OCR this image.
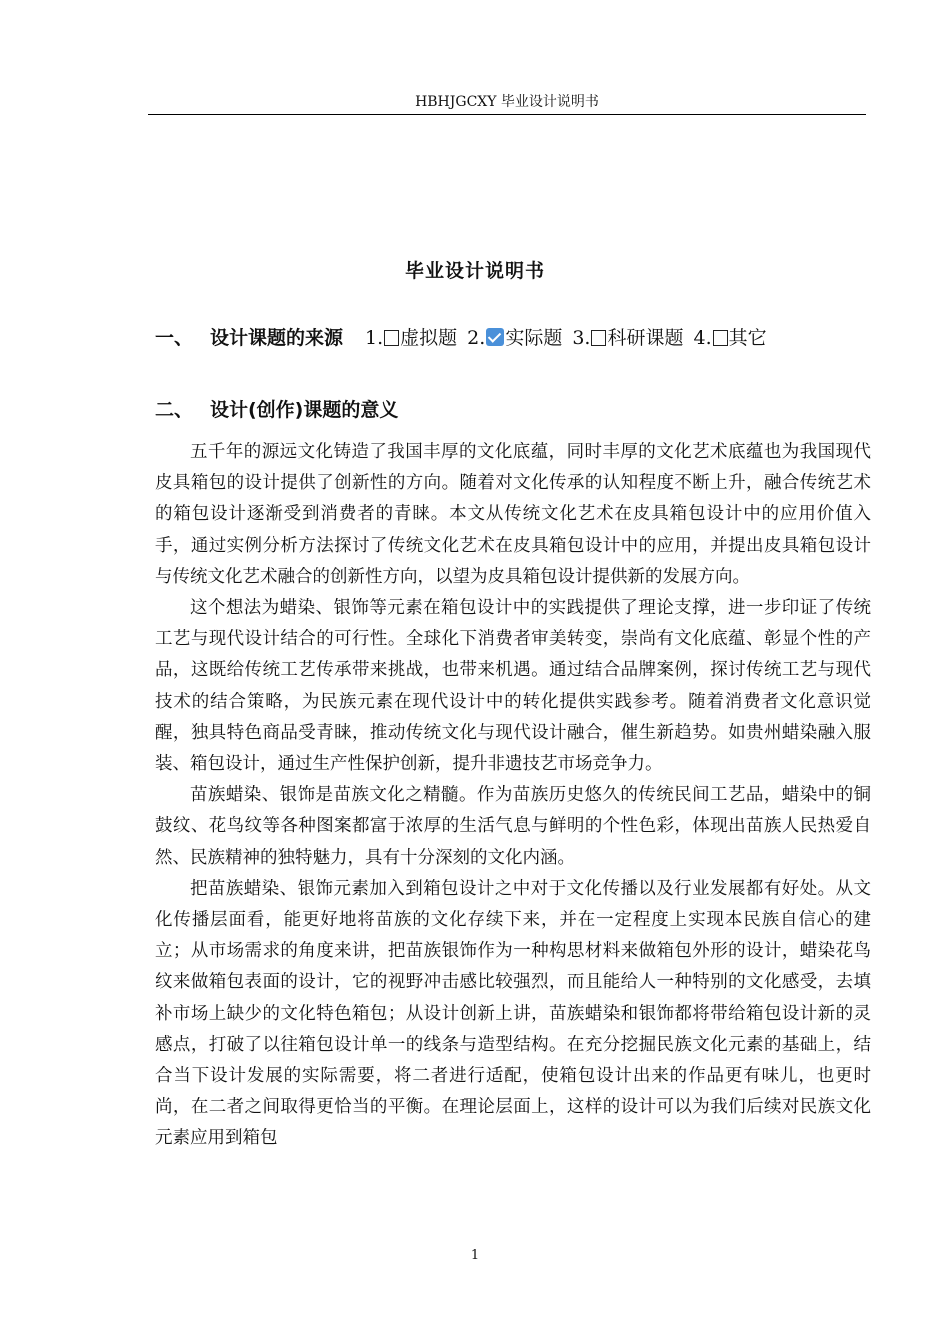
HBHJGCXY 毕业设计说明书
毕业设计说明书
一、 设计课题的来源 1. 虚拟题 2. 实际题 3. 科研课题 4. 其它
二、 设计(创作)课题的意义

五千年的源远文化铸造了我国丰厚的文化底蕴，同时丰厚的文化艺术底蕴也为我国现代皮具箱包的设计提供了创新性的方向。随着对文化传承的认知程度不断上升，融合传统艺术的箱包设计逐渐受到消费者的青睐。本文从传统文化艺术在皮具箱包设计中的应用价值入手，通过实例分析方法探讨了传统文化艺术在皮具箱包设计中的应用，并提出皮具箱包设计与传统文化艺术融合的创新性方向，以望为皮具箱包设计提供新的发展方向。

这个想法为蜡染、银饰等元素在箱包设计中的实践提供了理论支撑，进一步印证了传统工艺与现代设计结合的可行性。全球化下消费者审美转变，崇尚有文化底蕴、彰显个性的产品，这既给传统工艺传承带来挑战，也带来机遇。通过结合品牌案例，探讨传统工艺与现代技术的结合策略，为民族元素在现代设计中的转化提供实践参考。随着消费者文化意识觉醒，独具特色商品受青睐，推动传统文化与现代设计融合，催生新趋势。如贵州蜡染融入服装、箱包设计，通过生产性保护创新，提升非遗技艺市场竞争力。

苗族蜡染、银饰是苗族文化之精髓。作为苗族历史悠久的传统民间工艺品，蜡染中的铜鼓纹、花鸟纹等各种图案都富于浓厚的生活气息与鲜明的个性色彩，体现出苗族人民热爱自然、民族精神的独特魅力，具有十分深刻的文化内涵。

把苗族蜡染、银饰元素加入到箱包设计之中对于文化传播以及行业发展都有好处。从文化传播层面看，能更好地将苗族的文化存续下来，并在一定程度上实现本民族自信心的建立；从市场需求的角度来讲，把苗族银饰作为一种构思材料来做箱包外形的设计，蜡染花鸟纹来做箱包表面的设计，它的视野冲击感比较强烈，而且能给人一种特别的文化感受，去填补市场上缺少的文化特色箱包；从设计创新上讲，苗族蜡染和银饰都将带给箱包设计新的灵感点，打破了以往箱包设计单一的线条与造型结构。在充分挖掘民族文化元素的基础上，结合当下设计发展的实际需要，将二者进行适配，使箱包设计出来的作品更有味儿，也更时尚，在二者之间取得更恰当的平衡。在理论层面上，这样的设计可以为我们后续对民族文化元素应用到箱包

1
